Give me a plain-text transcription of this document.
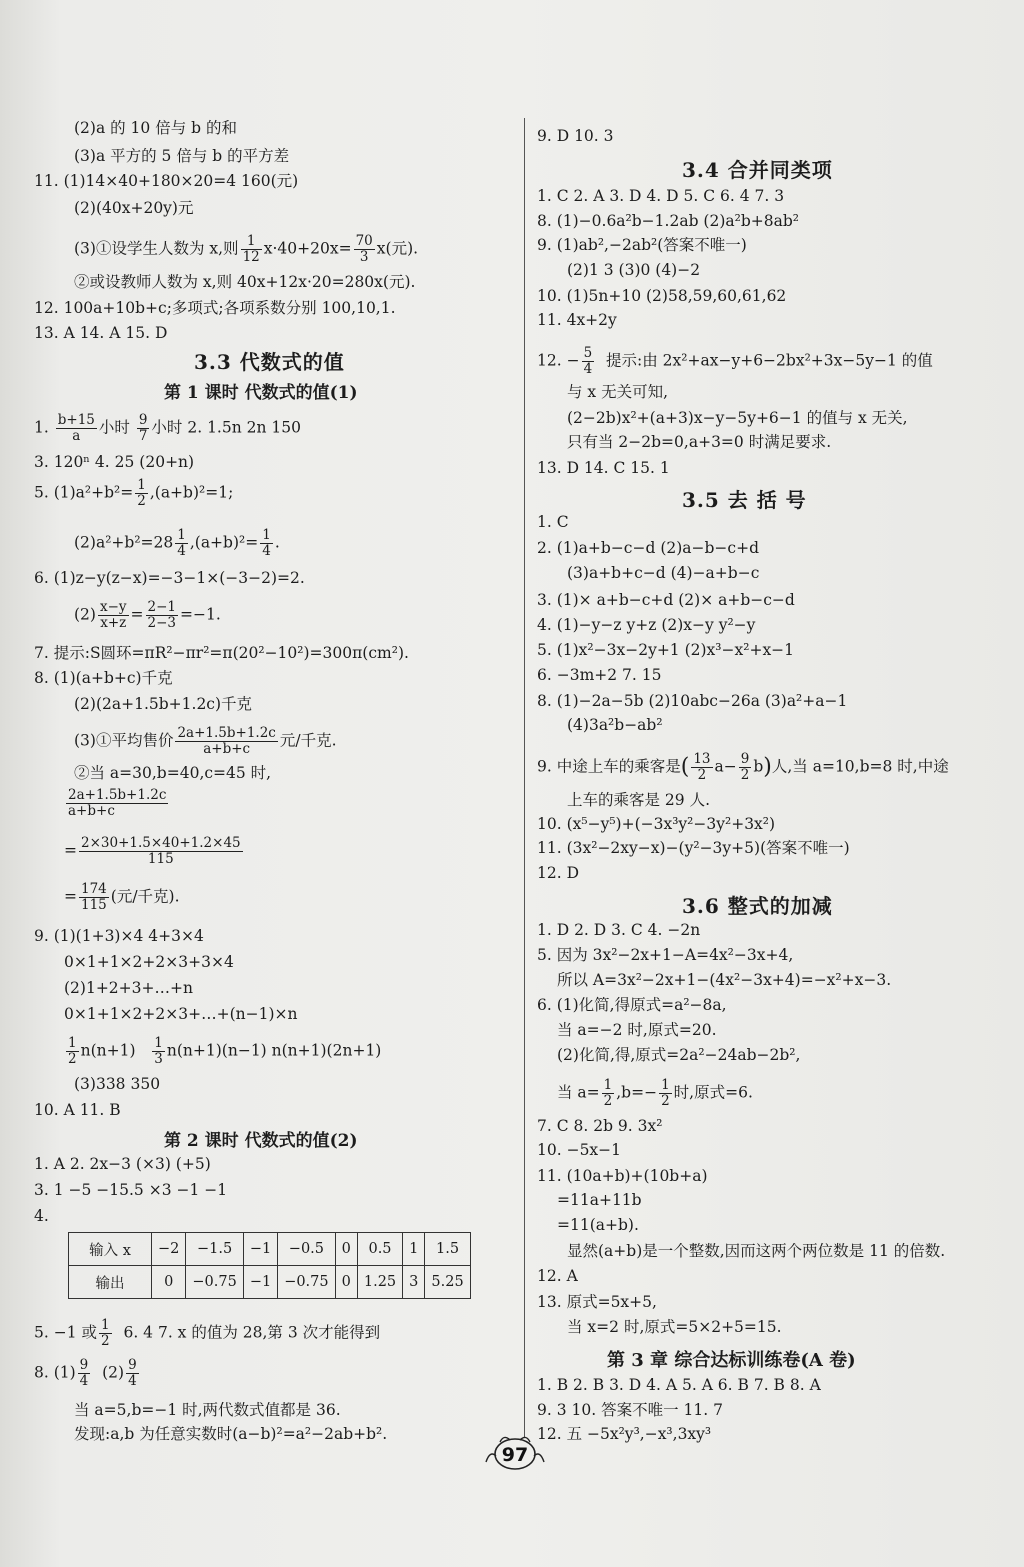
(2)a 的 10 倍与 b 的和
(3)a 平方的 5 倍与 b 的平方差
11. (1)14×40+180×20=4 160(元)
(2)(40x+20y)元
(3)①设学生人数为 x,则 $\frac{1}{12} x\cdot 40+20x= \frac{70}{3} x$(元).
②或设教师人数为 x,则 40x+12x·20=280x(元).
12. 100a+10b+c;多项式;各项系数分别 100,10,1.
13. A 14. A 15. D
3.3 代数式的值
第 1 课时 代数式的值(1)
1. $\frac{b+15}{a}$ 小时 $\frac{9}{7}$ 小时 2. 1.5n 2n 150
3. 120ⁿ 4. 25 (20+n)
5. $(1)a^2+b^2= \frac{1}{2} ,(a+b)^2=1$;
$(2)a^2+b^2=28 \frac{1}{4} ,(a+b)^2= \frac{1}{4}$ .
6. (1)z−y(z−x)=−3−1×(−3−2)=2.
$(2) \frac{x-y}{x+z} = \frac{2-1}{2-3} =-1$.
7. 提示:S圆环=πR²−πr²=π(20²−10²)=300π(cm²).
8. (1)(a+b+c)千克
(2)(2a+1.5b+1.2c)千克
(3)①平均售价 $\frac{2a+1.5b+1.2c}{a+b+c}$ 元/千克.
②当 a=30,b=40,c=45 时,
$\frac{2a+1.5b+1.2c}{a+b+c}$
= $\frac{2\times 30+1.5\times 40+1.2\times 45}{115}$
= $\frac{174}{115}$ (元/千克).
9. (1)(1+3)×4 4+3×4
0×1+1×2+2×3+3×4
(2)1+2+3+…+n
0×1+1×2+2×3+…+(n−1)×n
$\frac{1}{2} n(n+1) \frac{1}{3} n(n+1)(n-1)$ n(n+1)(2n+1)
(3)338 350
10. A 11. B
第 2 课时 代数式的值(2)
1. A 2. 2x−3 (×3) (+5)
3. 1 −5 −15.5 ×3 −1 −1
4.
输入 x	−2	−1.5	−1	−0.5	0	0.5	1	1.5
输出	0	−0.75	−1	−0.75	0	1.25	3	5.25
5. −1 或 $\frac{1}{2} 6$. 4 7. x 的值为 28,第 3 次才能得到
8. $(1) \frac{9}{4} (2) \frac{9}{4}$
当 a=5,b=−1 时,两代数式值都是 36.
发现:a,b 为任意实数时(a−b)²=a²−2ab+b².
9. D 10. 3
3.4 合并同类项
1. C 2. A 3. D 4. D 5. C 6. 4 7. 3
8. (1)−0.6a²b−1.2ab (2)a²b+8ab²
9. (1)ab²,−2ab²(答案不唯一)
(2)1 3 (3)0 (4)−2
10. (1)5n+10 (2)58,59,60,61,62
11. 4x+2y
12. − $\frac{5}{4}$ 提示:由 2x²+ax−y+6−2bx²+3x−5y−1 的值
与 x 无关可知,
(2−2b)x²+(a+3)x−y−5y+6−1 的值与 x 无关,
只有当 2−2b=0,a+3=0 时满足要求.
13. D 14. C 15. 1
3.5 去 括 号
1. C
2. (1)a+b−c−d (2)a−b−c+d
(3)a+b+c−d (4)−a+b−c
3. (1)× a+b−c+d (2)× a+b−c−d
4. (1)−y−z y+z (2)x−y y²−y
5. (1)x²−3x−2y+1 (2)x³−x²+x−1
6. −3m+2 7. 15
8. (1)−2a−5b (2)10abc−26a (3)a²+a−1
(4)3a²b−ab²
9. 中途上车的乘客是( $\frac{13}{2} a- \frac{9}{2} b$)人,当 a=10,b=8 时,中途
上车的乘客是 29 人.
10. (x⁵−y⁵)+(−3x³y²−3y²+3x²)
11. (3x²−2xy−x)−(y²−3y+5)(答案不唯一)
12. D
3.6 整式的加减
1. D 2. D 3. C 4. −2n
5. 因为 3x²−2x+1−A=4x²−3x+4,
所以 A=3x²−2x+1−(4x²−3x+4)=−x²+x−3.
6. (1)化简,得原式=a²−8a,
当 a=−2 时,原式=20.
(2)化简,得,原式=2a²−24ab−2b²,
当 $a= \frac{1}{2} ,b=- \frac{1}{2}$ 时,原式=6.
7. C 8. 2b 9. 3x²
10. −5x−1
11. (10a+b)+(10b+a)
=11a+11b
=11(a+b).
显然(a+b)是一个整数,因而这两个两位数是 11 的倍数.
12. A
13. 原式=5x+5,
当 x=2 时,原式=5×2+5=15.
第 3 章 综合达标训练卷(A 卷)
1. B 2. B 3. D 4. A 5. A 6. B 7. B 8. A
9. 3 10. 答案不唯一 11. 7
12. 五 −5x²y³,−x³,3xy³
97
